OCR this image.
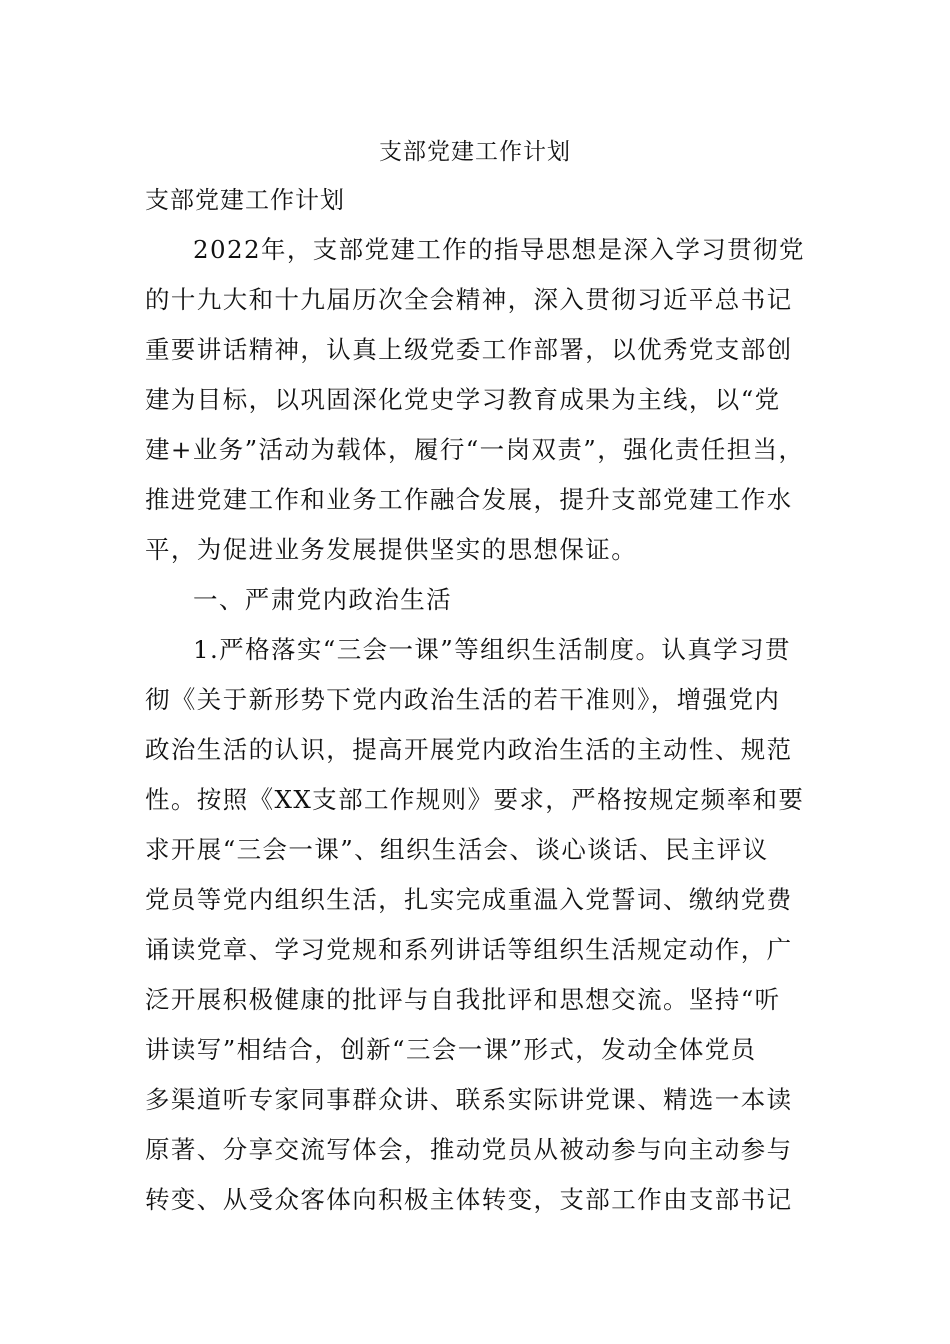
支部党建工作计划
支部党建工作计划

2022年，支部党建工作的指导思想是深入学习贯彻党

的十九大和十九届历次全会精神，深入贯彻习近平总书记

重要讲话精神，认真上级党委工作部署，以优秀党支部创

建为目标，以巩固深化党史学习教育成果为主线，以“党

建+业务”活动为载体，履行“一岗双责”，强化责任担当，

推进党建工作和业务工作融合发展，提升支部党建工作水

平，为促进业务发展提供坚实的思想保证。

一、严肃党内政治生活

1.严格落实“三会一课”等组织生活制度。认真学习贯

彻《关于新形势下党内政治生活的若干准则》，增强党内

政治生活的认识，提高开展党内政治生活的主动性、规范

性。按照《XX支部工作规则》要求，严格按规定频率和要

求开展“三会一课”、组织生活会、谈心谈话、民主评议

党员等党内组织生活，扎实完成重温入党誓词、缴纳党费

诵读党章、学习党规和系列讲话等组织生活规定动作，广

泛开展积极健康的批评与自我批评和思想交流。坚持“听

讲读写”相结合，创新“三会一课”形式，发动全体党员

多渠道听专家同事群众讲、联系实际讲党课、精选一本读

原著、分享交流写体会，推动党员从被动参与向主动参与

转变、从受众客体向积极主体转变，支部工作由支部书记
